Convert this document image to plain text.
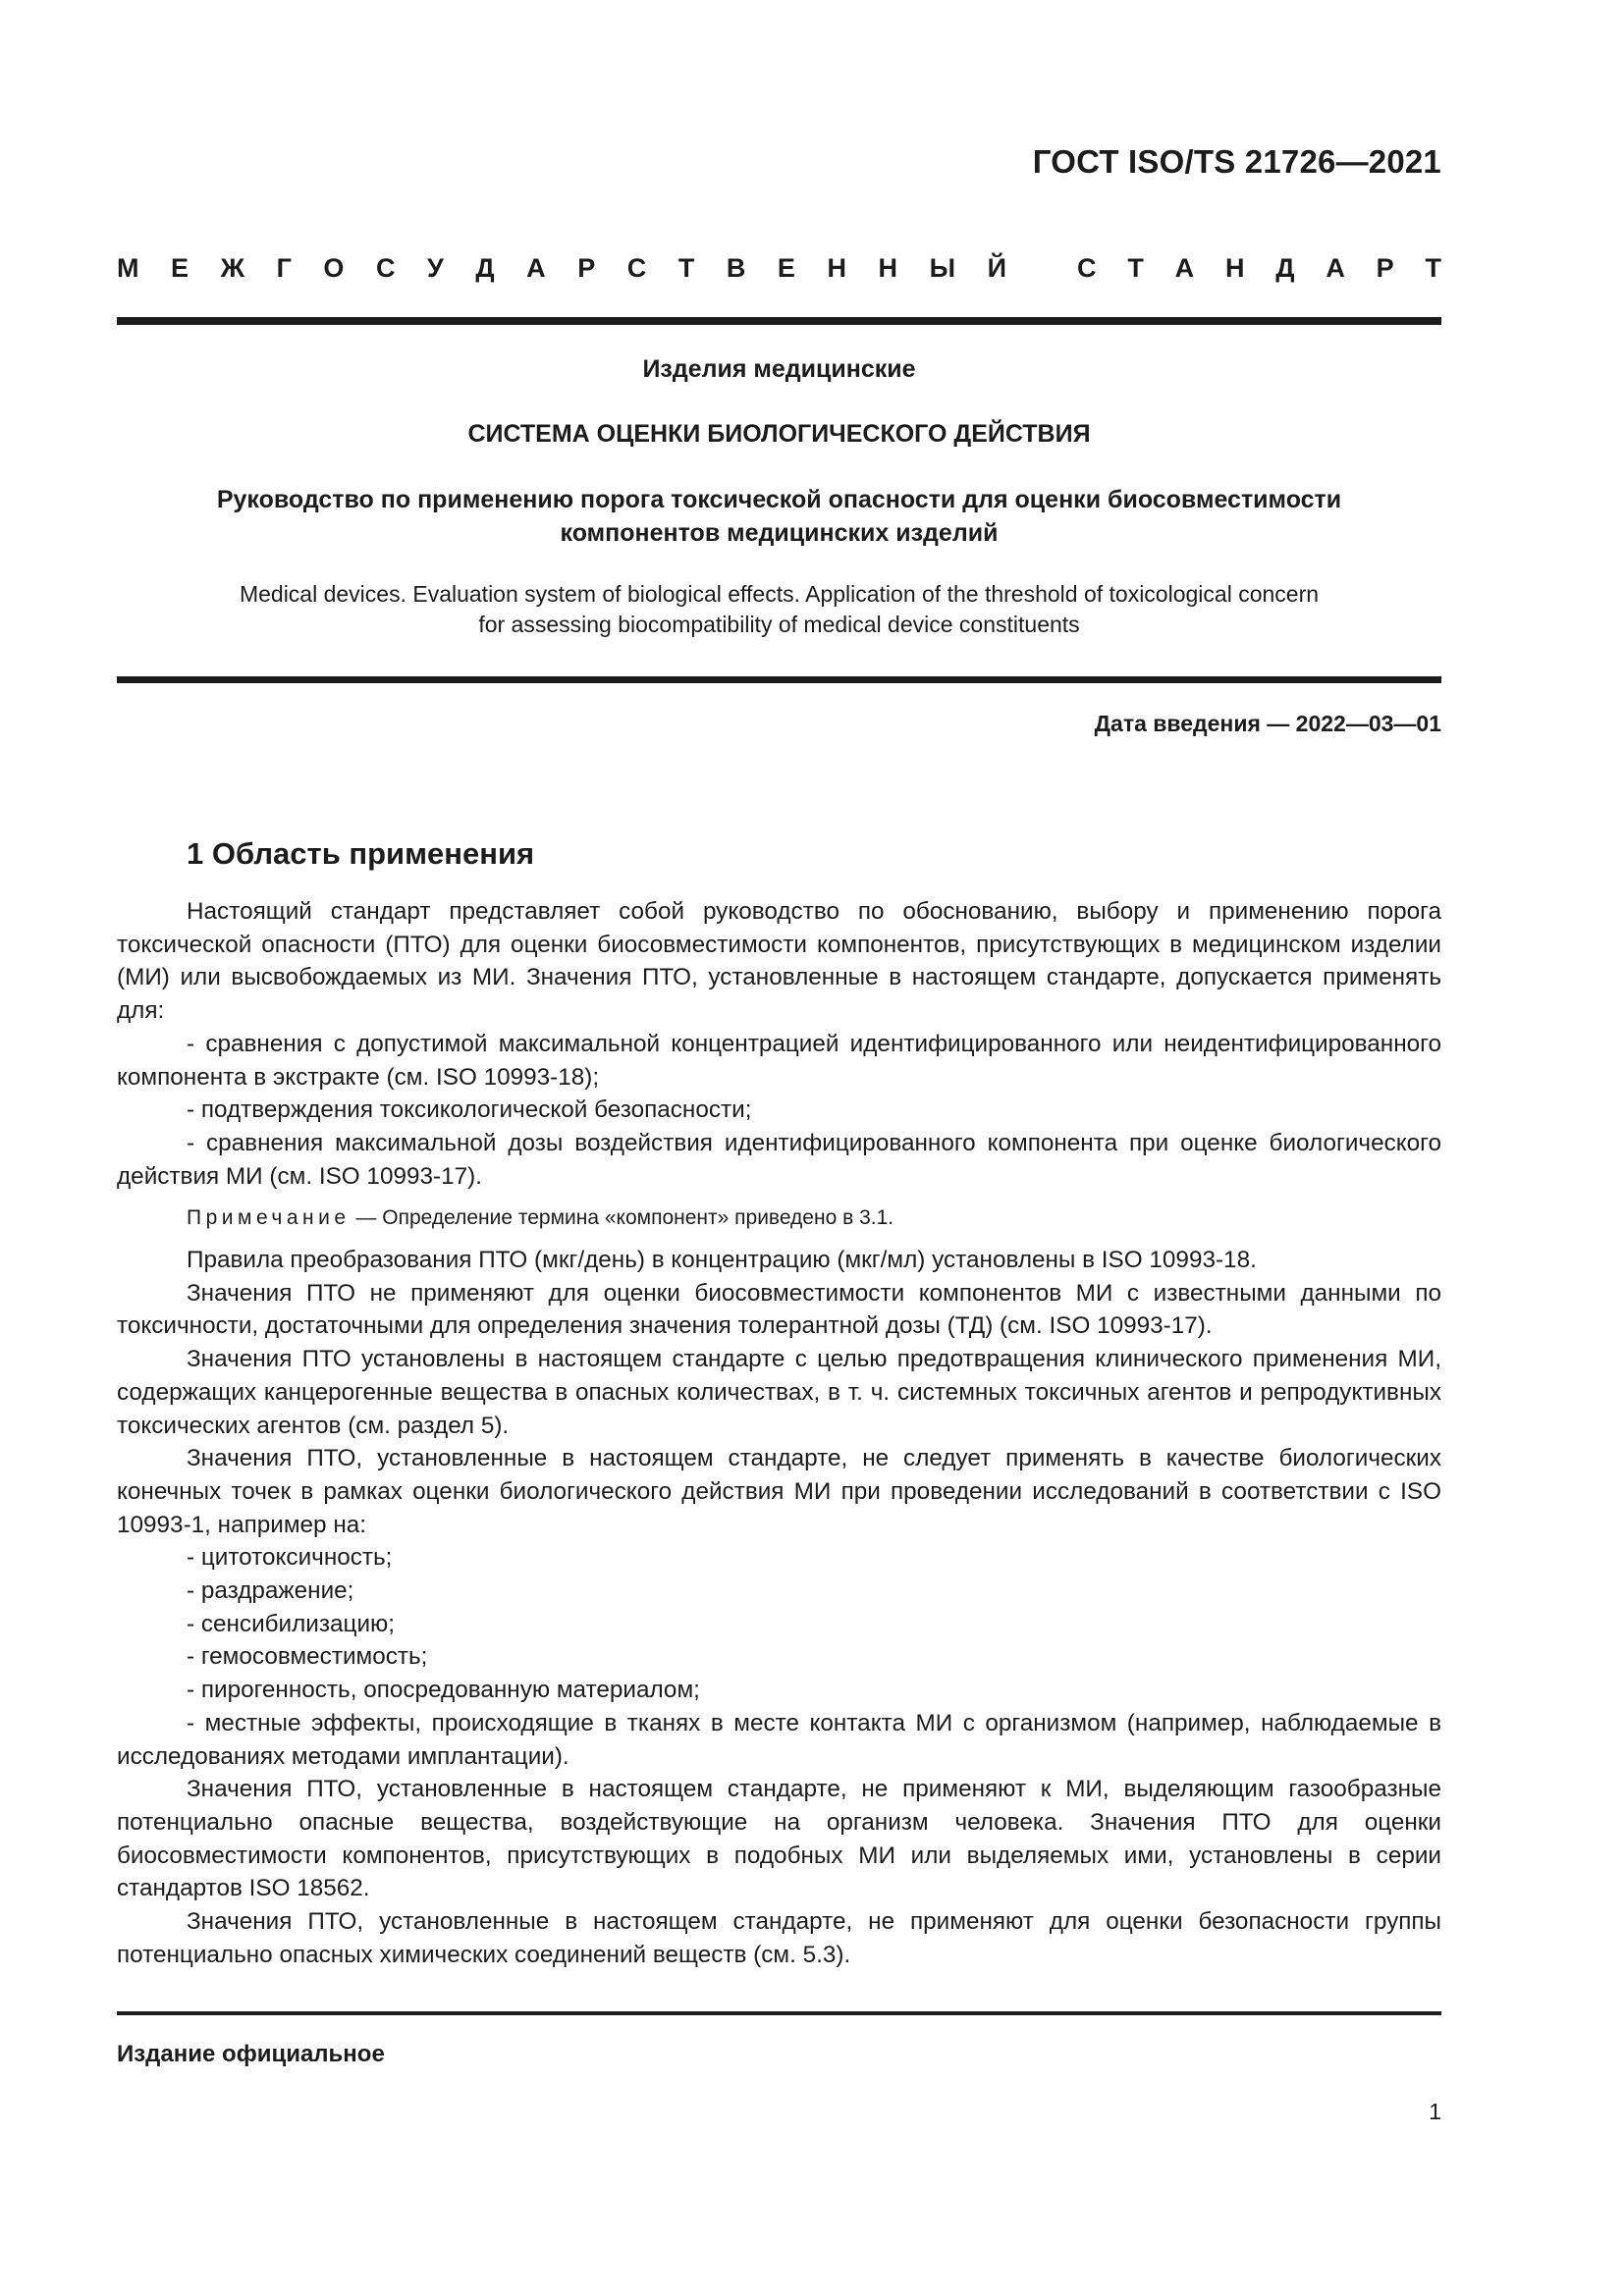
ГОСТ ISO/TS 21726—2021
М Е Ж Г О С У Д А Р С Т В Е Н Н Ы Й	С Т А Н Д А Р Т
Изделия медицинские
СИСТЕМА ОЦЕНКИ БИОЛОГИЧЕСКОГО ДЕЙСТВИЯ
Руководство по применению порога токсической опасности для оценки биосовместимости
компонентов медицинских изделий
Medical devices. Evaluation system of biological effects. Application of the threshold of toxicological concern
for assessing biocompatibility of medical device constituents
Дата введения — 2022—03—01
1 Область применения

Настоящий стандарт представляет собой руководство по обоснованию, выбору и применению порога токсической опасности (ПТО) для оценки биосовместимости компонентов, присутствующих в медицинском изделии (МИ) или высвобождаемых из МИ. Значения ПТО, установленные в настоящем стандарте, допускается применять для:

- сравнения с допустимой максимальной концентрацией идентифицированного или неидентифицированного компонента в экстракте (см. ISO 10993-18);

- подтверждения токсикологической безопасности;

- сравнения максимальной дозы воздействия идентифицированного компонента при оценке биологического действия МИ (см. ISO 10993-17).

Примечание — Определение термина «компонент» приведено в 3.1.

Правила преобразования ПТО (мкг/день) в концентрацию (мкг/мл) установлены в ISO 10993-18.

Значения ПТО не применяют для оценки биосовместимости компонентов МИ с известными данными по токсичности, достаточными для определения значения толерантной дозы (ТД) (см. ISO 10993-17).

Значения ПТО установлены в настоящем стандарте с целью предотвращения клинического применения МИ, содержащих канцерогенные вещества в опасных количествах, в т. ч. системных токсичных агентов и репродуктивных токсических агентов (см. раздел 5).

Значения ПТО, установленные в настоящем стандарте, не следует применять в качестве биологических конечных точек в рамках оценки биологического действия МИ при проведении исследований в соответствии с ISO 10993-1, например на:

- цитотоксичность;

- раздражение;

- сенсибилизацию;

- гемосовместимость;

- пирогенность, опосредованную материалом;

- местные эффекты, происходящие в тканях в месте контакта МИ с организмом (например, наблюдаемые в исследованиях методами имплантации).

Значения ПТО, установленные в настоящем стандарте, не применяют к МИ, выделяющим газообразные потенциально опасные вещества, воздействующие на организм человека. Значения ПТО для оценки биосовместимости компонентов, присутствующих в подобных МИ или выделяемых ими, установлены в серии стандартов ISO 18562.

Значения ПТО, установленные в настоящем стандарте, не применяют для оценки безопасности группы потенциально опасных химических соединений веществ (см. 5.3).

Издание официальное
1
